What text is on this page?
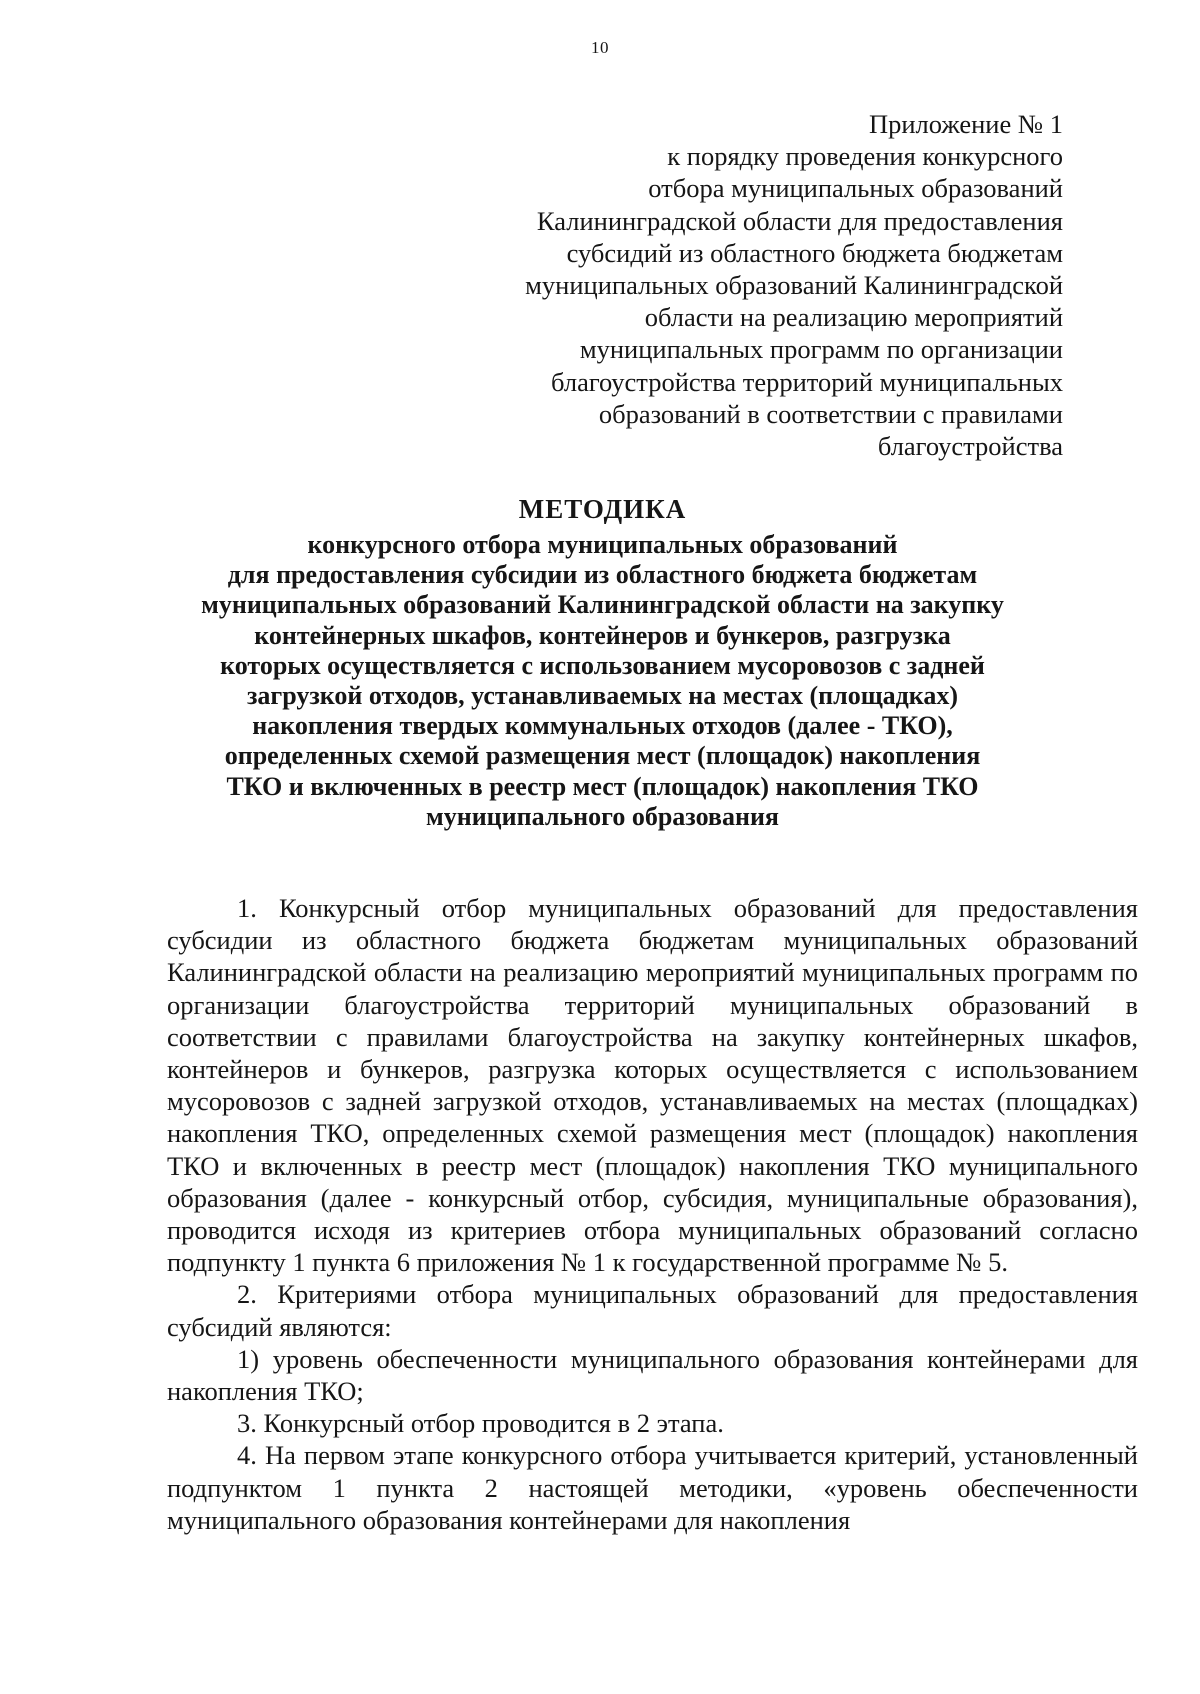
10
Приложение № 1
к порядку проведения конкурсного
отбора муниципальных образований
Калининградской области для предоставления
субсидий из областного бюджета бюджетам
муниципальных образований Калининградской
области на реализацию мероприятий
муниципальных программ по организации
благоустройства территорий муниципальных
образований в соответствии с правилами
благоустройства
МЕТОДИКА
конкурсного отбора муниципальных образований
для предоставления субсидии из областного бюджета бюджетам
муниципальных образований Калининградской области на закупку
контейнерных шкафов, контейнеров и бункеров, разгрузка
которых осуществляется с использованием мусоровозов с задней
загрузкой отходов, устанавливаемых на местах (площадках)
накопления твердых коммунальных отходов (далее - ТКО),
определенных схемой размещения мест (площадок) накопления
ТКО и включенных в реестр мест (площадок) накопления ТКО
муниципального образования

1. Конкурсный отбор муниципальных образований для предоставления субсидии из областного бюджета бюджетам муниципальных образований Калининградской области на реализацию мероприятий муниципальных программ по организации благоустройства территорий муниципальных образований в соответствии с правилами благоустройства на закупку контейнерных шкафов, контейнеров и бункеров, разгрузка которых осуществляется с использованием мусоровозов с задней загрузкой отходов, устанавливаемых на местах (площадках) накопления ТКО, определенных схемой размещения мест (площадок) накопления ТКО и включенных в реестр мест (площадок) накопления ТКО муниципального образования (далее - конкурсный отбор, субсидия, муниципальные образования), проводится исходя из критериев отбора муниципальных образований согласно подпункту 1 пункта 6 приложения № 1 к государственной программе № 5.

2. Критериями отбора муниципальных образований для предоставления субсидий являются:

1) уровень обеспеченности муниципального образования контейнерами для накопления ТКО;

3. Конкурсный отбор проводится в 2 этапа.

4. На первом этапе конкурсного отбора учитывается критерий, установленный подпунктом 1 пункта 2 настоящей методики, «уровень обеспеченности муниципального образования контейнерами для накопления
